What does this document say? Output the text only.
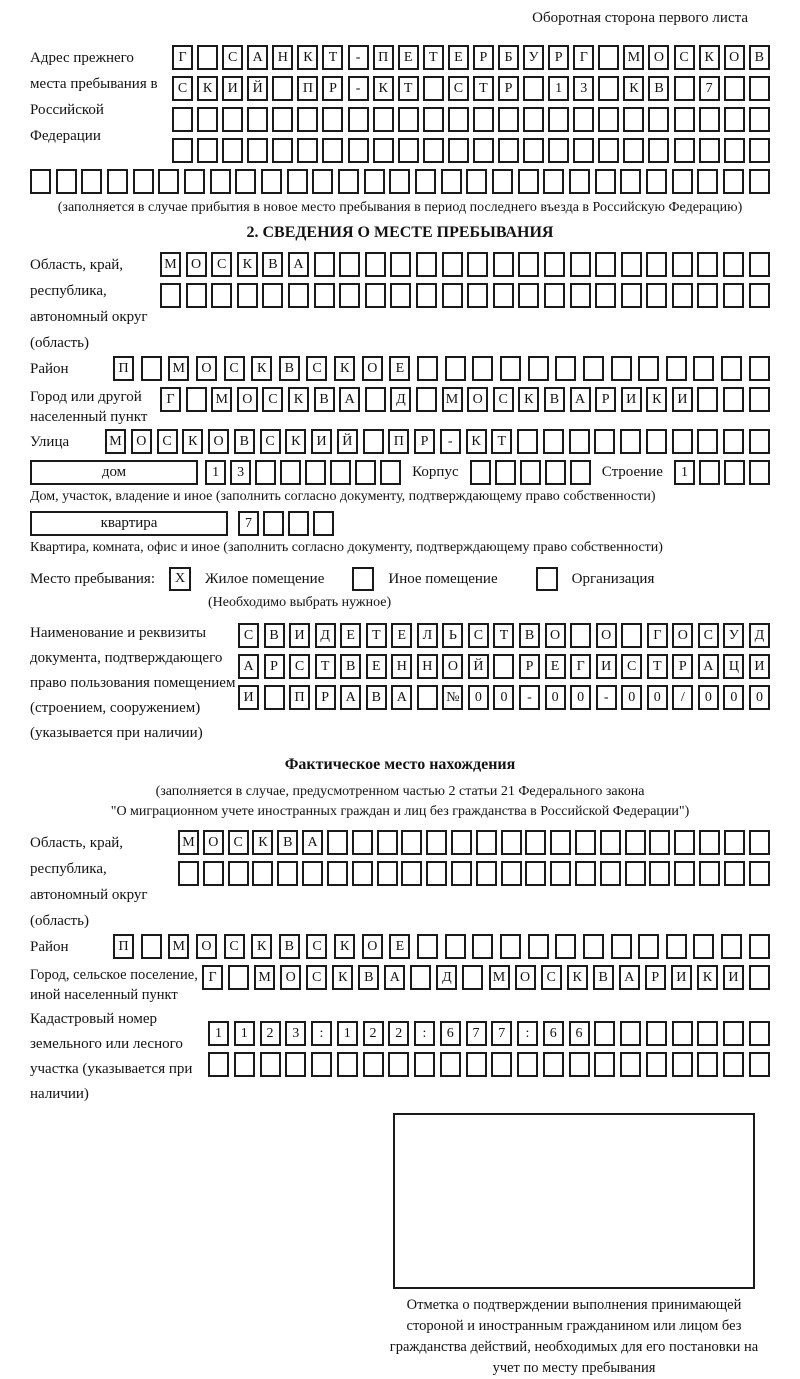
Оборотная сторона первого листа
Адрес прежнего места пребывания в Российской Федерации
Г	С	А	Н	К	Т	-	П	Е	Т	Е	Р	Б	У	Р	Г	М О	С	К	О	В
С	К	И	Й	П	Р	-	К	Т	С	Т	Р	1	3	К	В	7
(заполняется в случае прибытия в новое место пребывания в период последнего въезда в Российскую Федерацию)
2. СВЕДЕНИЯ О МЕСТЕ ПРЕБЫВАНИЯ
Область, край, республика, автономный округ (область)
М	О	С	К	В	А
Район	П	М	О	С	К	В	С	К	О	Е
Город или другой населенный пункт
Г	М	О	С	К	В	А	Д	М	О	С	К	В	А	Р	И	К	И
Улица	М	О	С	К	О	В	С	К	И	Й	П	Р	-	К	Т
дом	1	3	Корпус	Строение	1
Дом, участок, владение и иное (заполнить согласно документу, подтверждающему право собственности)
квартира	7
Квартира, комната, офис и иное (заполнить согласно документу, подтверждающему право собственности)
Место пребывания:	X	Жилое помещение	Иное помещение	Организация
(Необходимо выбрать нужное)
Наименование и реквизиты документа, подтверждающего право пользования помещением (строением, сооружением) (указывается при наличии)
С	В	И	Д	Е	Т	Е	Л	Ь	С	Т	В	О	О	Г	О	С	У	Д
А	Р	С	Т	В	Е	Н	Н	О	Й	Р	Е	Г	И	С	Т	Р	А	Ц	И
И	П	Р	А	В	А	№	0	0	-	0	0	-	0	0	/	0	0	0
Фактическое место нахождения
(заполняется в случае, предусмотренном частью 2 статьи 21 Федерального закона
"О миграционном учете иностранных граждан и лиц без гражданства в Российской Федерации")
Область, край, республика, автономный округ (область)
М О	С	К	В	А
Район	П	М	О	С	К	В	С	К	О	Е
Город, сельское поселение, иной населенный пункт
Г	М	О	С	К	В	А	Д	М	О	С	К	В	А	Р	И	К	И
Кадастровый номер земельного или лесного участка (указывается при наличии)
1	1	2	3	:	1	2	2	:	6	7	7	:	6	6
Отметка о подтверждении выполнения принимающей стороной и иностранным гражданином или лицом без гражданства действий, необходимых для его постановки на учет по месту пребывания
